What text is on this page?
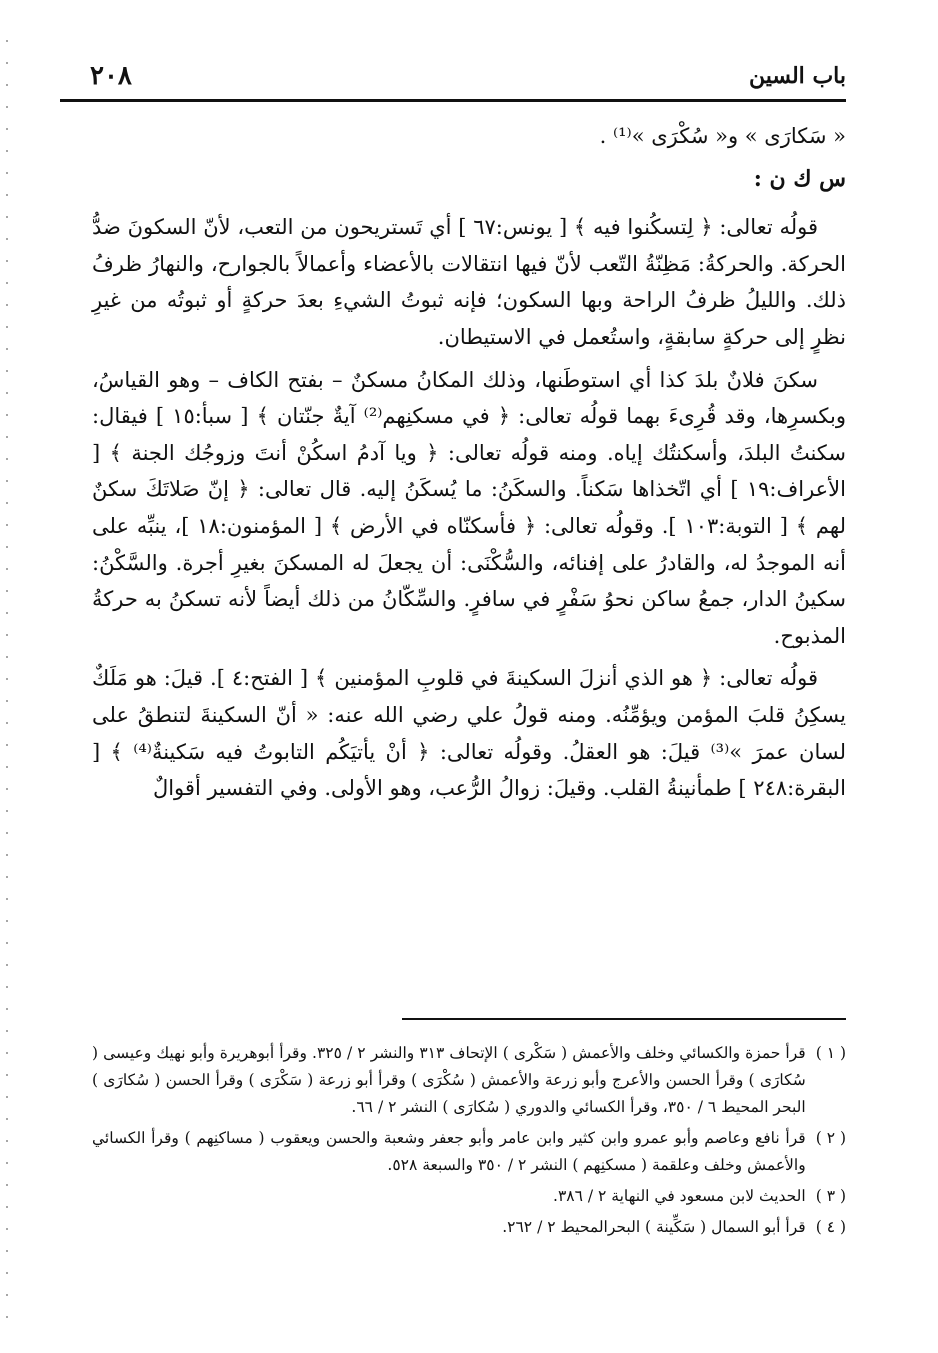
٢٠٨	باب السين

« سَكارَى » و« سُكْرَى »⁽¹⁾ .

س ك ن :

قولُه تعالى: ﴿ لِتسكُنوا فيه ﴾ [ يونس:٦٧ ] أي تَستريحون من التعب، لأنّ السكونَ ضدُّ الحركة. والحركةُ: مَظِنّةُ التّعب لأنّ فيها انتقالات بالأعضاء وأعمالاً بالجوارح، والنهارُ ظرفُ ذلك. والليلُ ظرفُ الراحة وبها السكون؛ فإنه ثبوتُ الشيءِ بعدَ حركةٍ أو ثبوتُه من غيرِ نظرٍ إلى حركةٍ سابقةٍ، واستُعمل في الاستيطان.

سكنَ فلانٌ بلدَ كذا أي استوطَنها، وذلك المكانُ مسكنٌ – بفتح الكاف – وهو القياسُ، وبكسرِها، وقد قُرِىءَ بهما قولُه تعالى: ﴿ في مسكنِهم⁽²⁾ آيةٌ جنّتان ﴾ [ سبأ:١٥ ] فيقال: سكنتُ البلدَ، وأسكنتُك إياه. ومنه قولُه تعالى: ﴿ ويا آدمُ اسكُنْ أنتَ وزوجُك الجنة ﴾ [ الأعراف:١٩ ] أي اتّخذاها سَكناً. والسكَنُ: ما يُسكَنُ إليه. قال تعالى: ﴿ إنّ صَلاتَكَ سكنٌ لهم ﴾ [ التوبة:١٠٣ ]. وقولُه تعالى: ﴿ فأسكنّاه في الأرض ﴾ [ المؤمنون:١٨ ]، ينبِّه على أنه الموجدُ له، والقادرُ على إفنائه، والسُّكْنَى: أن يجعلَ له المسكنَ بغيرِ أجرة. والسَّكْنُ: سكينُ الدار، جمعُ ساكن نحوُ سَفْرٍ في سافرٍ. والسِّكّانُ من ذلك أيضاً لأنه تسكنُ به حركةُ المذبوح.

قولُه تعالى: ﴿ هو الذي أنزلَ السكينةَ في قلوبِ المؤمنين ﴾ [ الفتح:٤ ]. قيلَ: هو مَلَكٌ يسكِنُ قلبَ المؤمن ويؤمِّنُه. ومنه قولُ علي رضي الله عنه: « أنّ السكينةَ لتنطقُ على لسان عمرَ »⁽³⁾ قيلَ: هو العقلُ. وقولُه تعالى: ﴿ أنْ يأتيَكُم التابوتُ فيه سَكينةٌ⁽⁴⁾ ﴾ [ البقرة:٢٤٨ ] طمأنينةُ القلب. وقيلَ: زوالُ الرُّعب، وهو الأولى. وفي التفسير أقوالٌ

( ١ )
قرأ حمزة والكسائي وخلف والأعمش ( سَكْرى ) الإتحاف ٣١٣ والنشر ٢ / ٣٢٥. وقرأ أبوهريرة وأبو نهيك وعيسى ( سُكارَى ) وقرأ الحسن والأعرج وأبو زرعة والأعمش ( سُكْرَى ) وقرأ أبو زرعة ( سَكْرَى ) وقرأ الحسن ( سُكارَى ) البحر المحيط ٦ / ٣٥٠، وقرأ الكسائي والدوري ( سُكارَى ) النشر ٢ / ٦٦.
( ٢ )
قرأ نافع وعاصم وأبو عمرو وابن كثير وابن عامر وأبو جعفر وشعبة والحسن ويعقوب ( مساكنِهم ) وقرأ الكسائي والأعمش وخلف وعلقمة ( مسكنِهم ) النشر ٢ / ٣٥٠ والسبعة ٥٢٨.
( ٣ )
الحديث لابن مسعود في النهاية ٢ / ٣٨٦.
( ٤ )
قرأ أبو السمال ( سَكِّينة ) البحرالمحيط ٢ / ٢٦٢.
